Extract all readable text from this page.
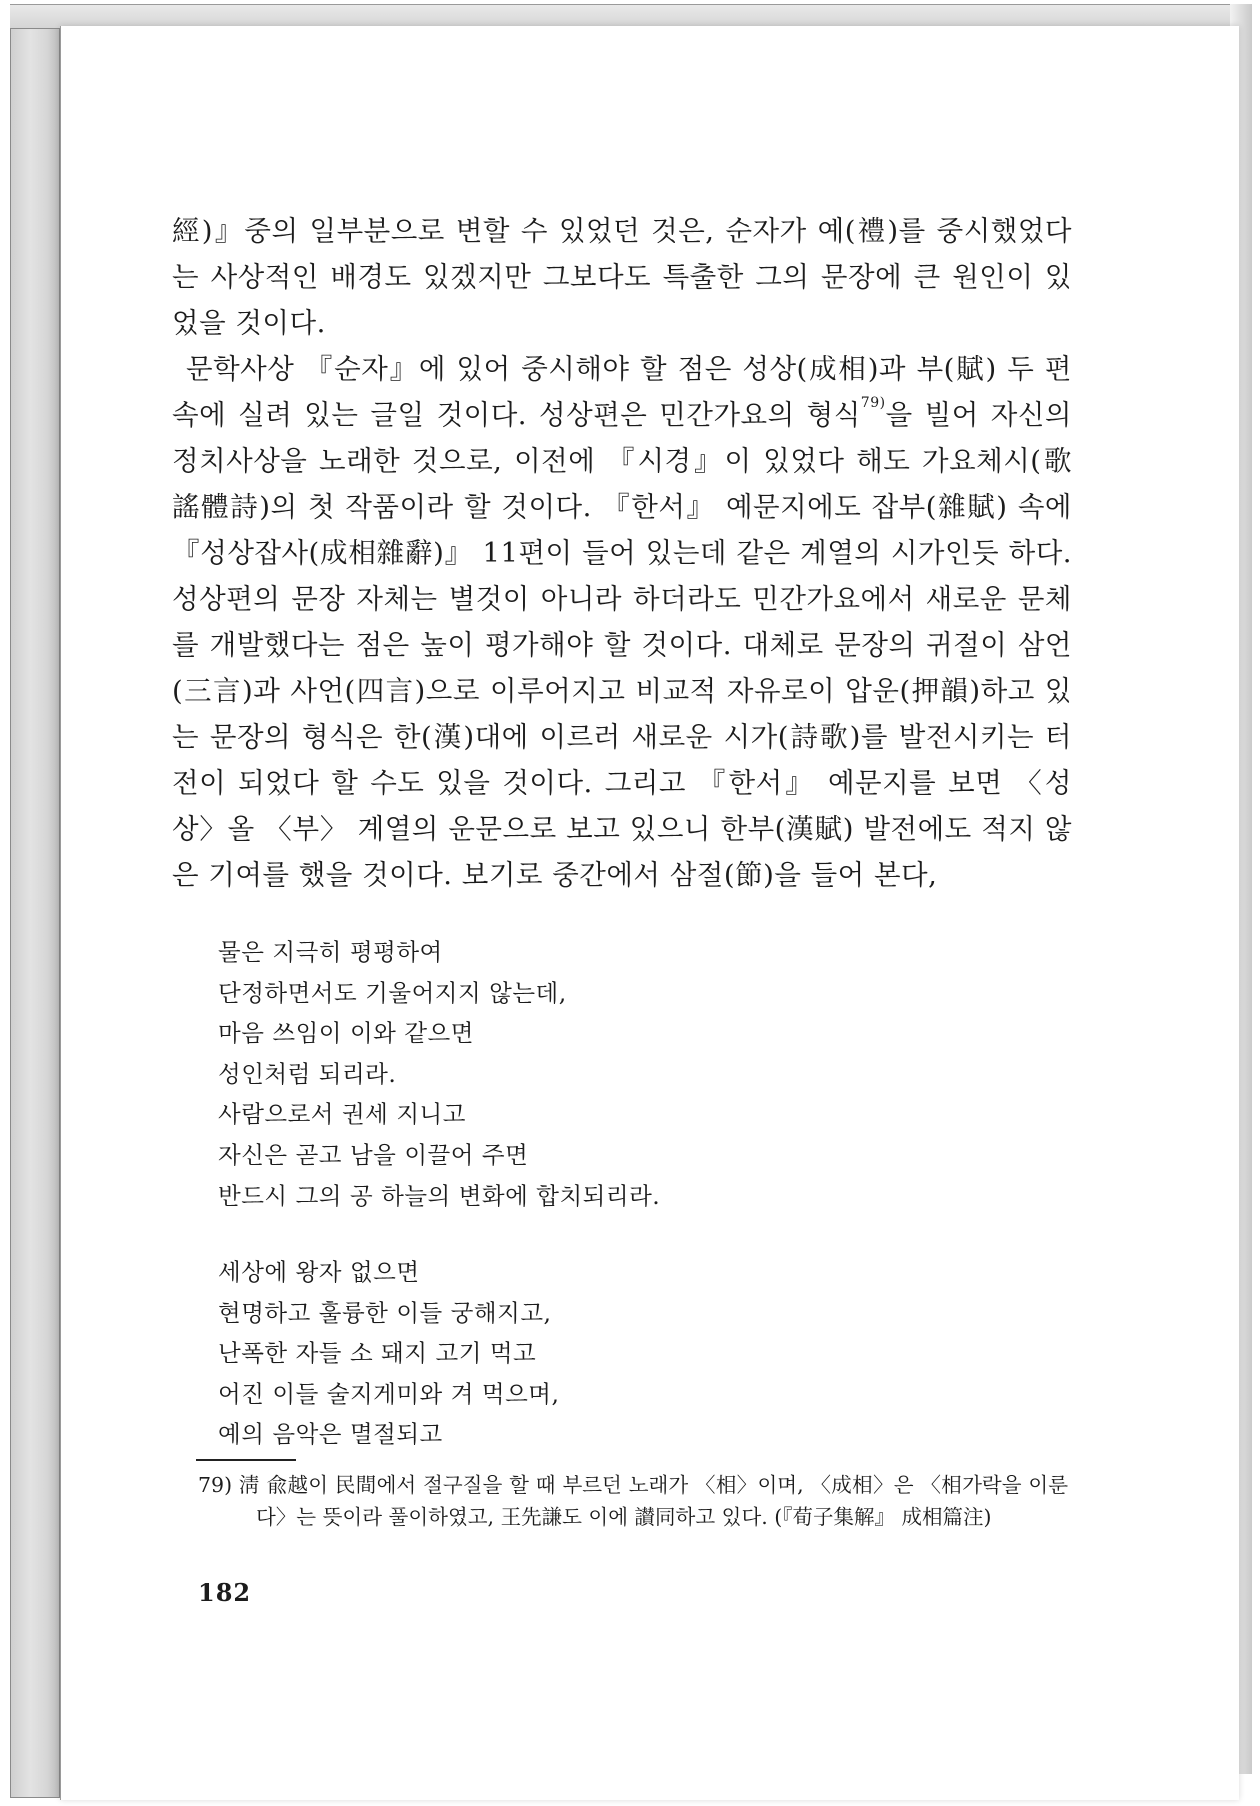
經)』중의 일부분으로 변할 수 있었던 것은, 순자가 예(禮)를 중시했었다는 사상적인 배경도 있겠지만 그보다도 특출한 그의 문장에 큰 원인이 있었을 것이다.

문학사상 『순자』에 있어 중시해야 할 점은 성상(成相)과 부(賦) 두 편 속에 실려 있는 글일 것이다. 성상편은 민간가요의 형식$^{79)}$을 빌어 자신의 정치사상을 노래한 것으로, 이전에 『시경』이 있었다 해도 가요체시(歌謠體詩)의 첫 작품이라 할 것이다. 『한서』 예문지에도 잡부(雜賦) 속에 『성상잡사(成相雜辭)』 11편이 들어 있는데 같은 계열의 시가인듯 하다. 성상편의 문장 자체는 별것이 아니라 하더라도 민간가요에서 새로운 문체를 개발했다는 점은 높이 평가해야 할 것이다. 대체로 문장의 귀절이 삼언(三言)과 사언(四言)으로 이루어지고 비교적 자유로이 압운(押韻)하고 있는 문장의 형식은 한(漢)대에 이르러 새로운 시가(詩歌)를 발전시키는 터전이 되었다 할 수도 있을 것이다. 그리고 『한서』 예문지를 보면 〈성상〉올 〈부〉 계열의 운문으로 보고 있으니 한부(漢賦) 발전에도 적지 않은 기여를 했을 것이다. 보기로 중간에서 삼절(節)을 들어 본다,

물은 지극히 평평하여
단정하면서도 기울어지지 않는데,
마음 쓰임이 이와 같으면
성인처럼 되리라.
사람으로서 권세 지니고
자신은 곧고 남을 이끌어 주면
반드시 그의 공 하늘의 변화에 합치되리라.
세상에 왕자 없으면
현명하고 훌륭한 이들 궁해지고,
난폭한 자들 소 돼지 고기 먹고
어진 이들 술지게미와 겨 먹으며,
예의 음악은 멸절되고
79) 淸 兪越이 民間에서 절구질을 할 때 부르던 노래가 〈相〉이며, 〈成相〉은 〈相가락을 이룬다〉는 뜻이라 풀이하였고, 王先謙도 이에 讃同하고 있다. (『荀子集解』 成相篇注)
182
